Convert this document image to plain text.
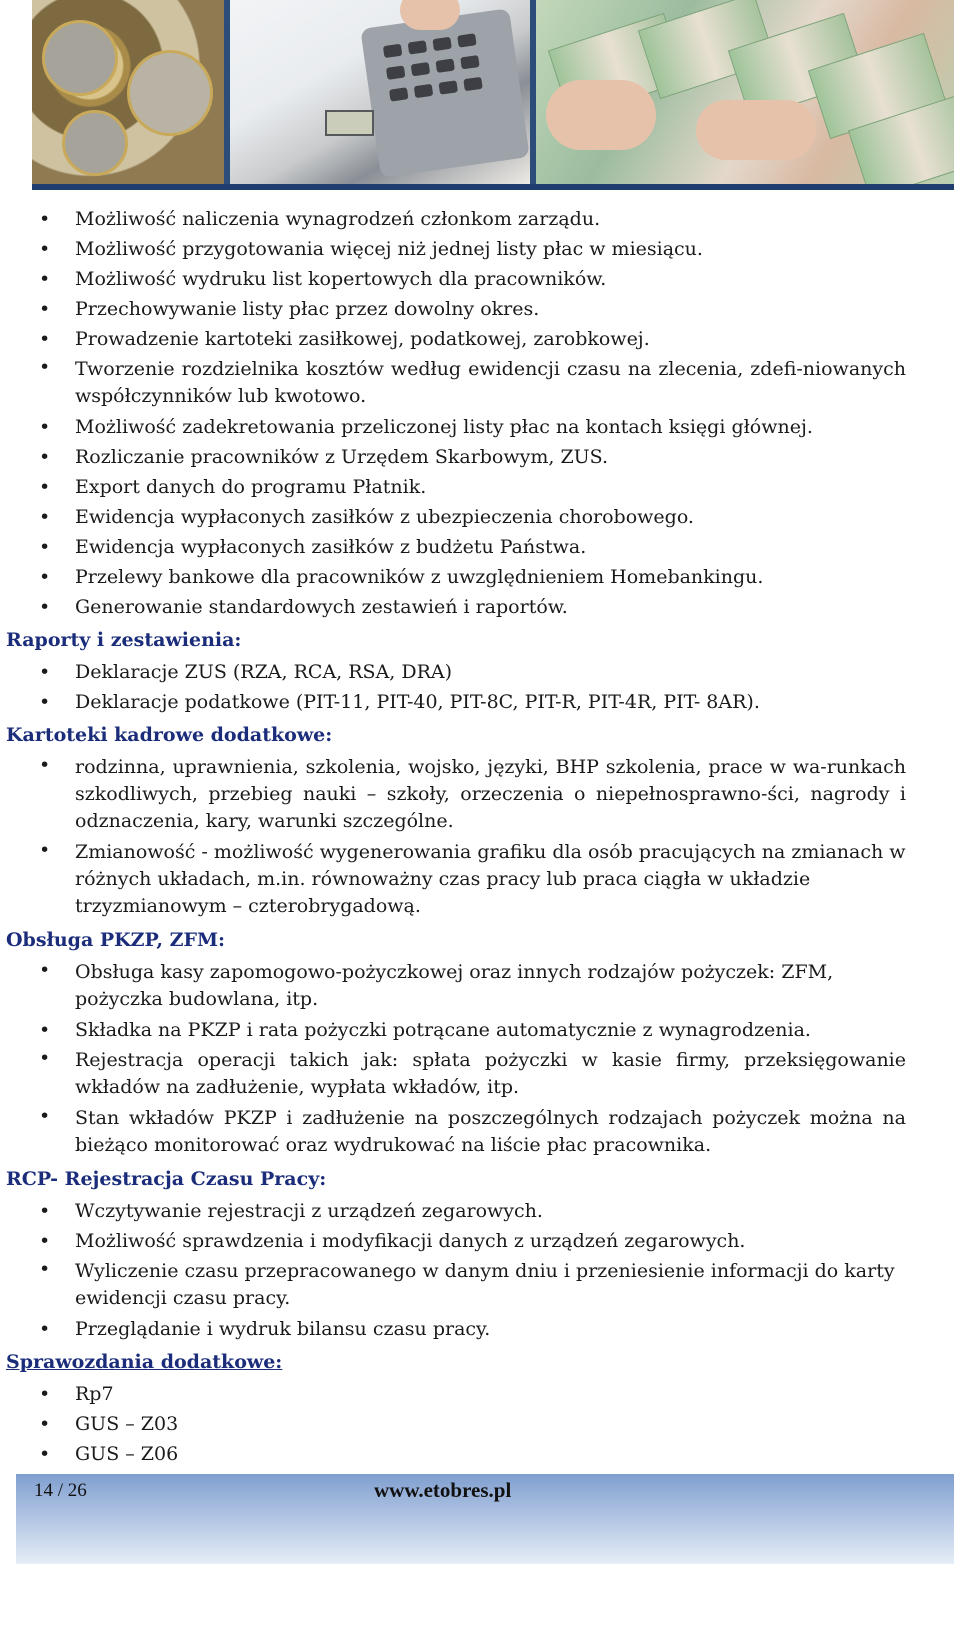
• Możliwość naliczenia wynagrodzeń członkom zarządu.
• Możliwość przygotowania więcej niż jednej listy płac w miesiącu.
• Możliwość wydruku list kopertowych dla pracowników.
• Przechowywanie listy płac przez dowolny okres.
• Prowadzenie kartoteki zasiłkowej, podatkowej, zarobkowej.
• Tworzenie rozdzielnika kosztów według ewidencji czasu na zlecenia, zdefi-niowanych współczynników lub kwotowo.
• Możliwość zadekretowania przeliczonej listy płac na kontach księgi głównej.
• Rozliczanie pracowników z Urzędem Skarbowym, ZUS.
• Export danych do programu Płatnik.
• Ewidencja wypłaconych zasiłków z ubezpieczenia chorobowego.
• Ewidencja wypłaconych zasiłków z budżetu Państwa.
• Przelewy bankowe dla pracowników z uwzględnieniem Homebankingu.
• Generowanie standardowych zestawień i raportów.
Raporty i zestawienia:
• Deklaracje ZUS (RZA, RCA, RSA, DRA)
• Deklaracje podatkowe (PIT-11, PIT-40, PIT-8C, PIT-R, PIT-4R, PIT- 8AR).
Kartoteki kadrowe dodatkowe:
• rodzinna, uprawnienia, szkolenia, wojsko, języki, BHP szkolenia, prace w wa-runkach szkodliwych, przebieg nauki – szkoły, orzeczenia o niepełnosprawno-ści, nagrody i odznaczenia, kary, warunki szczególne.
• Zmianowość - możliwość wygenerowania grafiku dla osób pracujących na zmianach w różnych układach, m.in. równoważny czas pracy lub praca ciągła w układzie trzyzmianowym – czterobrygadową.
Obsługa PKZP, ZFM:
• Obsługa kasy zapomogowo-pożyczkowej oraz innych rodzajów pożyczek: ZFM, pożyczka budowlana, itp.
• Składka na PKZP i rata pożyczki potrącane automatycznie z wynagrodzenia.
• Rejestracja operacji takich jak: spłata pożyczki w kasie firmy, przeksięgowanie wkładów na zadłużenie, wypłata wkładów, itp.
• Stan wkładów PKZP i zadłużenie na poszczególnych rodzajach pożyczek można na bieżąco monitorować oraz wydrukować na liście płac pracownika.
RCP- Rejestracja Czasu Pracy:
• Wczytywanie rejestracji z urządzeń zegarowych.
• Możliwość sprawdzenia i modyfikacji danych z urządzeń zegarowych.
• Wyliczenie czasu przepracowanego w danym dniu i przeniesienie informacji do karty ewidencji czasu pracy.
• Przeglądanie i wydruk bilansu czasu pracy.
Sprawozdania dodatkowe:
• Rp7
• GUS – Z03
• GUS – Z06
14 / 26	www.etobres.pl
